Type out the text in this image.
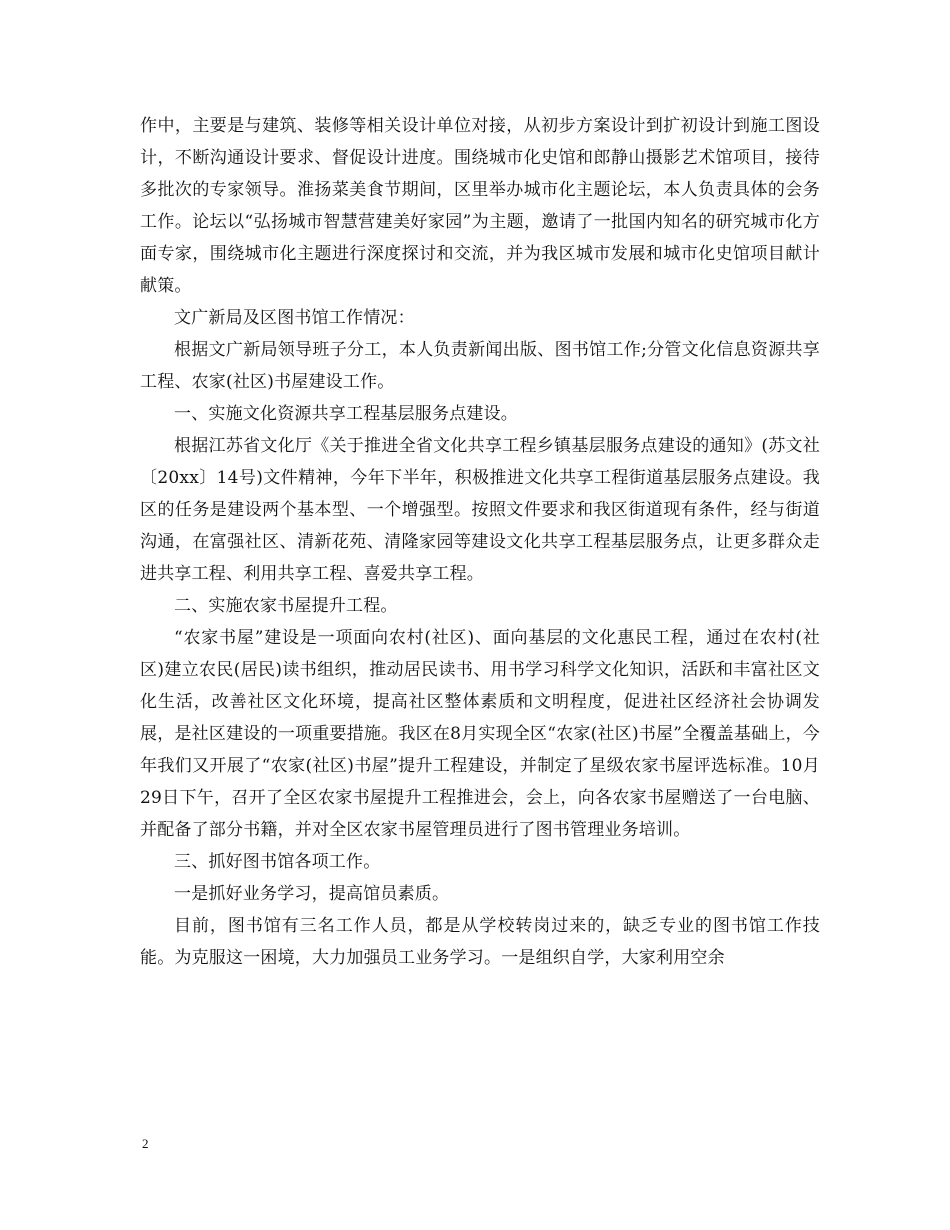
作中，主要是与建筑、装修等相关设计单位对接，从初步方案设计到扩初设计到施工图设计，不断沟通设计要求、督促设计进度。围绕城市化史馆和郎静山摄影艺术馆项目，接待多批次的专家领导。淮扬菜美食节期间，区里举办城市化主题论坛，本人负责具体的会务工作。论坛以“弘扬城市智慧营建美好家园”为主题，邀请了一批国内知名的研究城市化方面专家，围绕城市化主题进行深度探讨和交流，并为我区城市发展和城市化史馆项目献计献策。

文广新局及区图书馆工作情况：

根据文广新局领导班子分工，本人负责新闻出版、图书馆工作;分管文化信息资源共享工程、农家(社区)书屋建设工作。

一、实施文化资源共享工程基层服务点建设。

根据江苏省文化厅《关于推进全省文化共享工程乡镇基层服务点建设的通知》(苏文社〔20xx〕14号)文件精神，今年下半年，积极推进文化共享工程街道基层服务点建设。我区的任务是建设两个基本型、一个增强型。按照文件要求和我区街道现有条件，经与街道沟通，在富强社区、清新花苑、清隆家园等建设文化共享工程基层服务点，让更多群众走进共享工程、利用共享工程、喜爱共享工程。

二、实施农家书屋提升工程。

“农家书屋”建设是一项面向农村(社区)、面向基层的文化惠民工程，通过在农村(社区)建立农民(居民)读书组织，推动居民读书、用书学习科学文化知识，活跃和丰富社区文化生活，改善社区文化环境，提高社区整体素质和文明程度，促进社区经济社会协调发展，是社区建设的一项重要措施。我区在8月实现全区“农家(社区)书屋”全覆盖基础上，今年我们又开展了“农家(社区)书屋”提升工程建设，并制定了星级农家书屋评选标准。10月29日下午，召开了全区农家书屋提升工程推进会，会上，向各农家书屋赠送了一台电脑、并配备了部分书籍，并对全区农家书屋管理员进行了图书管理业务培训。

三、抓好图书馆各项工作。

一是抓好业务学习，提高馆员素质。

目前，图书馆有三名工作人员，都是从学校转岗过来的，缺乏专业的图书馆工作技能。为克服这一困境，大力加强员工业务学习。一是组织自学，大家利用空余

2
